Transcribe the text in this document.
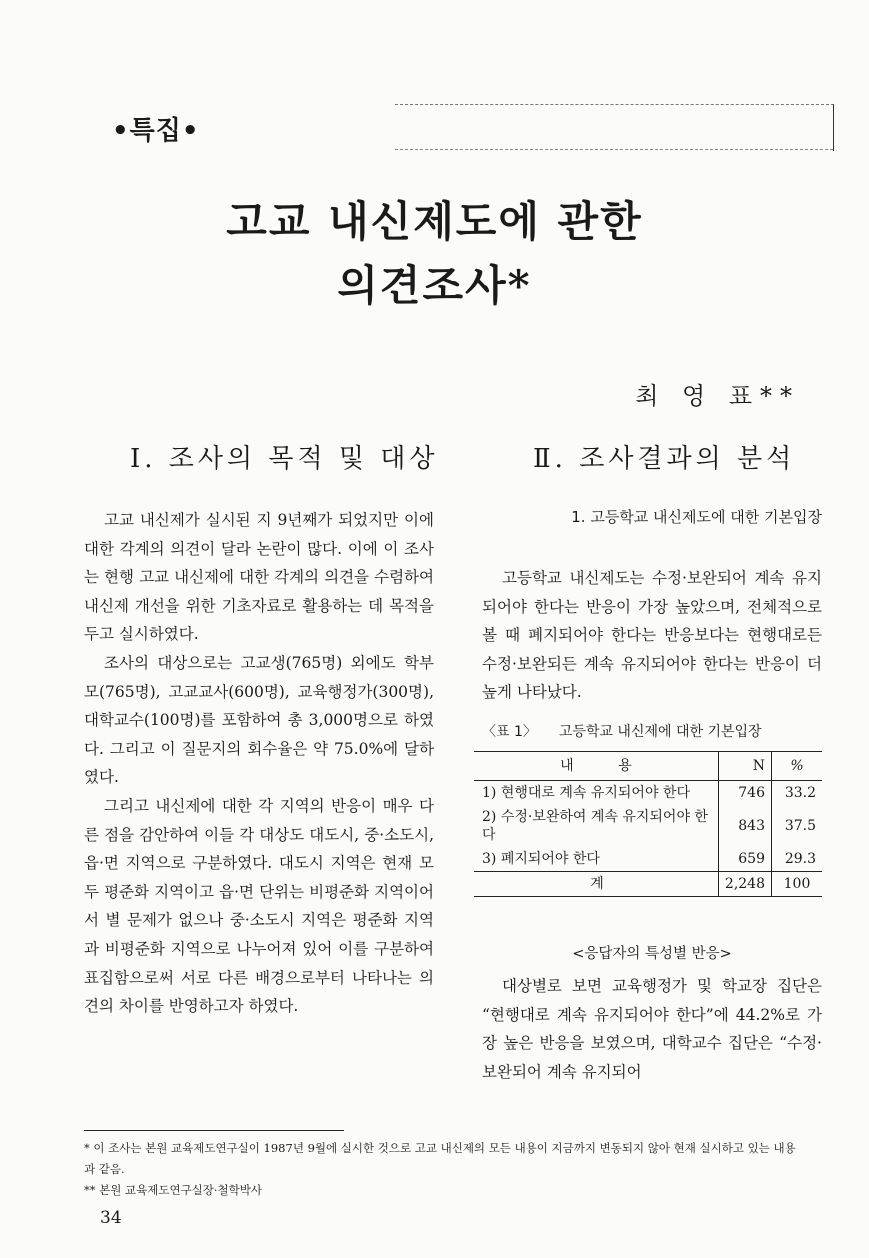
•특집•
고교 내신제도에 관한
의견조사*
최 영 표**
Ⅰ. 조사의 목적 및 대상	Ⅱ. 조사결과의 분석

고교 내신제가 실시된 지 9년째가 되었지만 이에 대한 각계의 의견이 달라 논란이 많다. 이에 이 조사는 현행 고교 내신제에 대한 각계의 의견을 수렴하여 내신제 개선을 위한 기초자료로 활용하는 데 목적을 두고 실시하였다.

조사의 대상으로는 고교생(765명) 외에도 학부모(765명), 고교교사(600명), 교육행정가(300명), 대학교수(100명)를 포함하여 총 3,000명으로 하였다. 그리고 이 질문지의 회수율은 약 75.0%에 달하였다.

그리고 내신제에 대한 각 지역의 반응이 매우 다른 점을 감안하여 이들 각 대상도 대도시, 중·소도시, 읍·면 지역으로 구분하였다. 대도시 지역은 현재 모두 평준화 지역이고 읍·면 단위는 비평준화 지역이어서 별 문제가 없으나 중·소도시 지역은 평준화 지역과 비평준화 지역으로 나누어져 있어 이를 구분하여 표집함으로써 서로 다른 배경으로부터 나타나는 의견의 차이를 반영하고자 하였다.

1. 고등학교 내신제도에 대한 기본입장

고등학교 내신제도는 수정·보완되어 계속 유지되어야 한다는 반응이 가장 높았으며, 전체적으로 볼 때 폐지되어야 한다는 반응보다는 현행대로든 수정·보완되든 계속 유지되어야 한다는 반응이 더 높게 나타났다.

〈표 1〉 고등학교 내신제에 대한 기본입장
내          용	N	%
1) 현행대로 계속 유지되어야 한다	746	33.2
2) 수정·보완하여 계속 유지되어야 한다	843	37.5
3) 폐지되어야 한다	659	29.3
계	2,248	100
<응답자의 특성별 반응>

대상별로 보면 교육행정가 및 학교장 집단은 “현행대로 계속 유지되어야 한다”에 44.2%로 가장 높은 반응을 보였으며, 대학교수 집단은 “수정·보완되어 계속 유지되어

* 이 조사는 본원 교육제도연구실이 1987년 9월에 실시한 것으로 고교 내신제의 모든 내용이 지금까지 변동되지 않아 현재 실시하고 있는 내용과 같음.

** 본원 교육제도연구실장·철학박사

34
